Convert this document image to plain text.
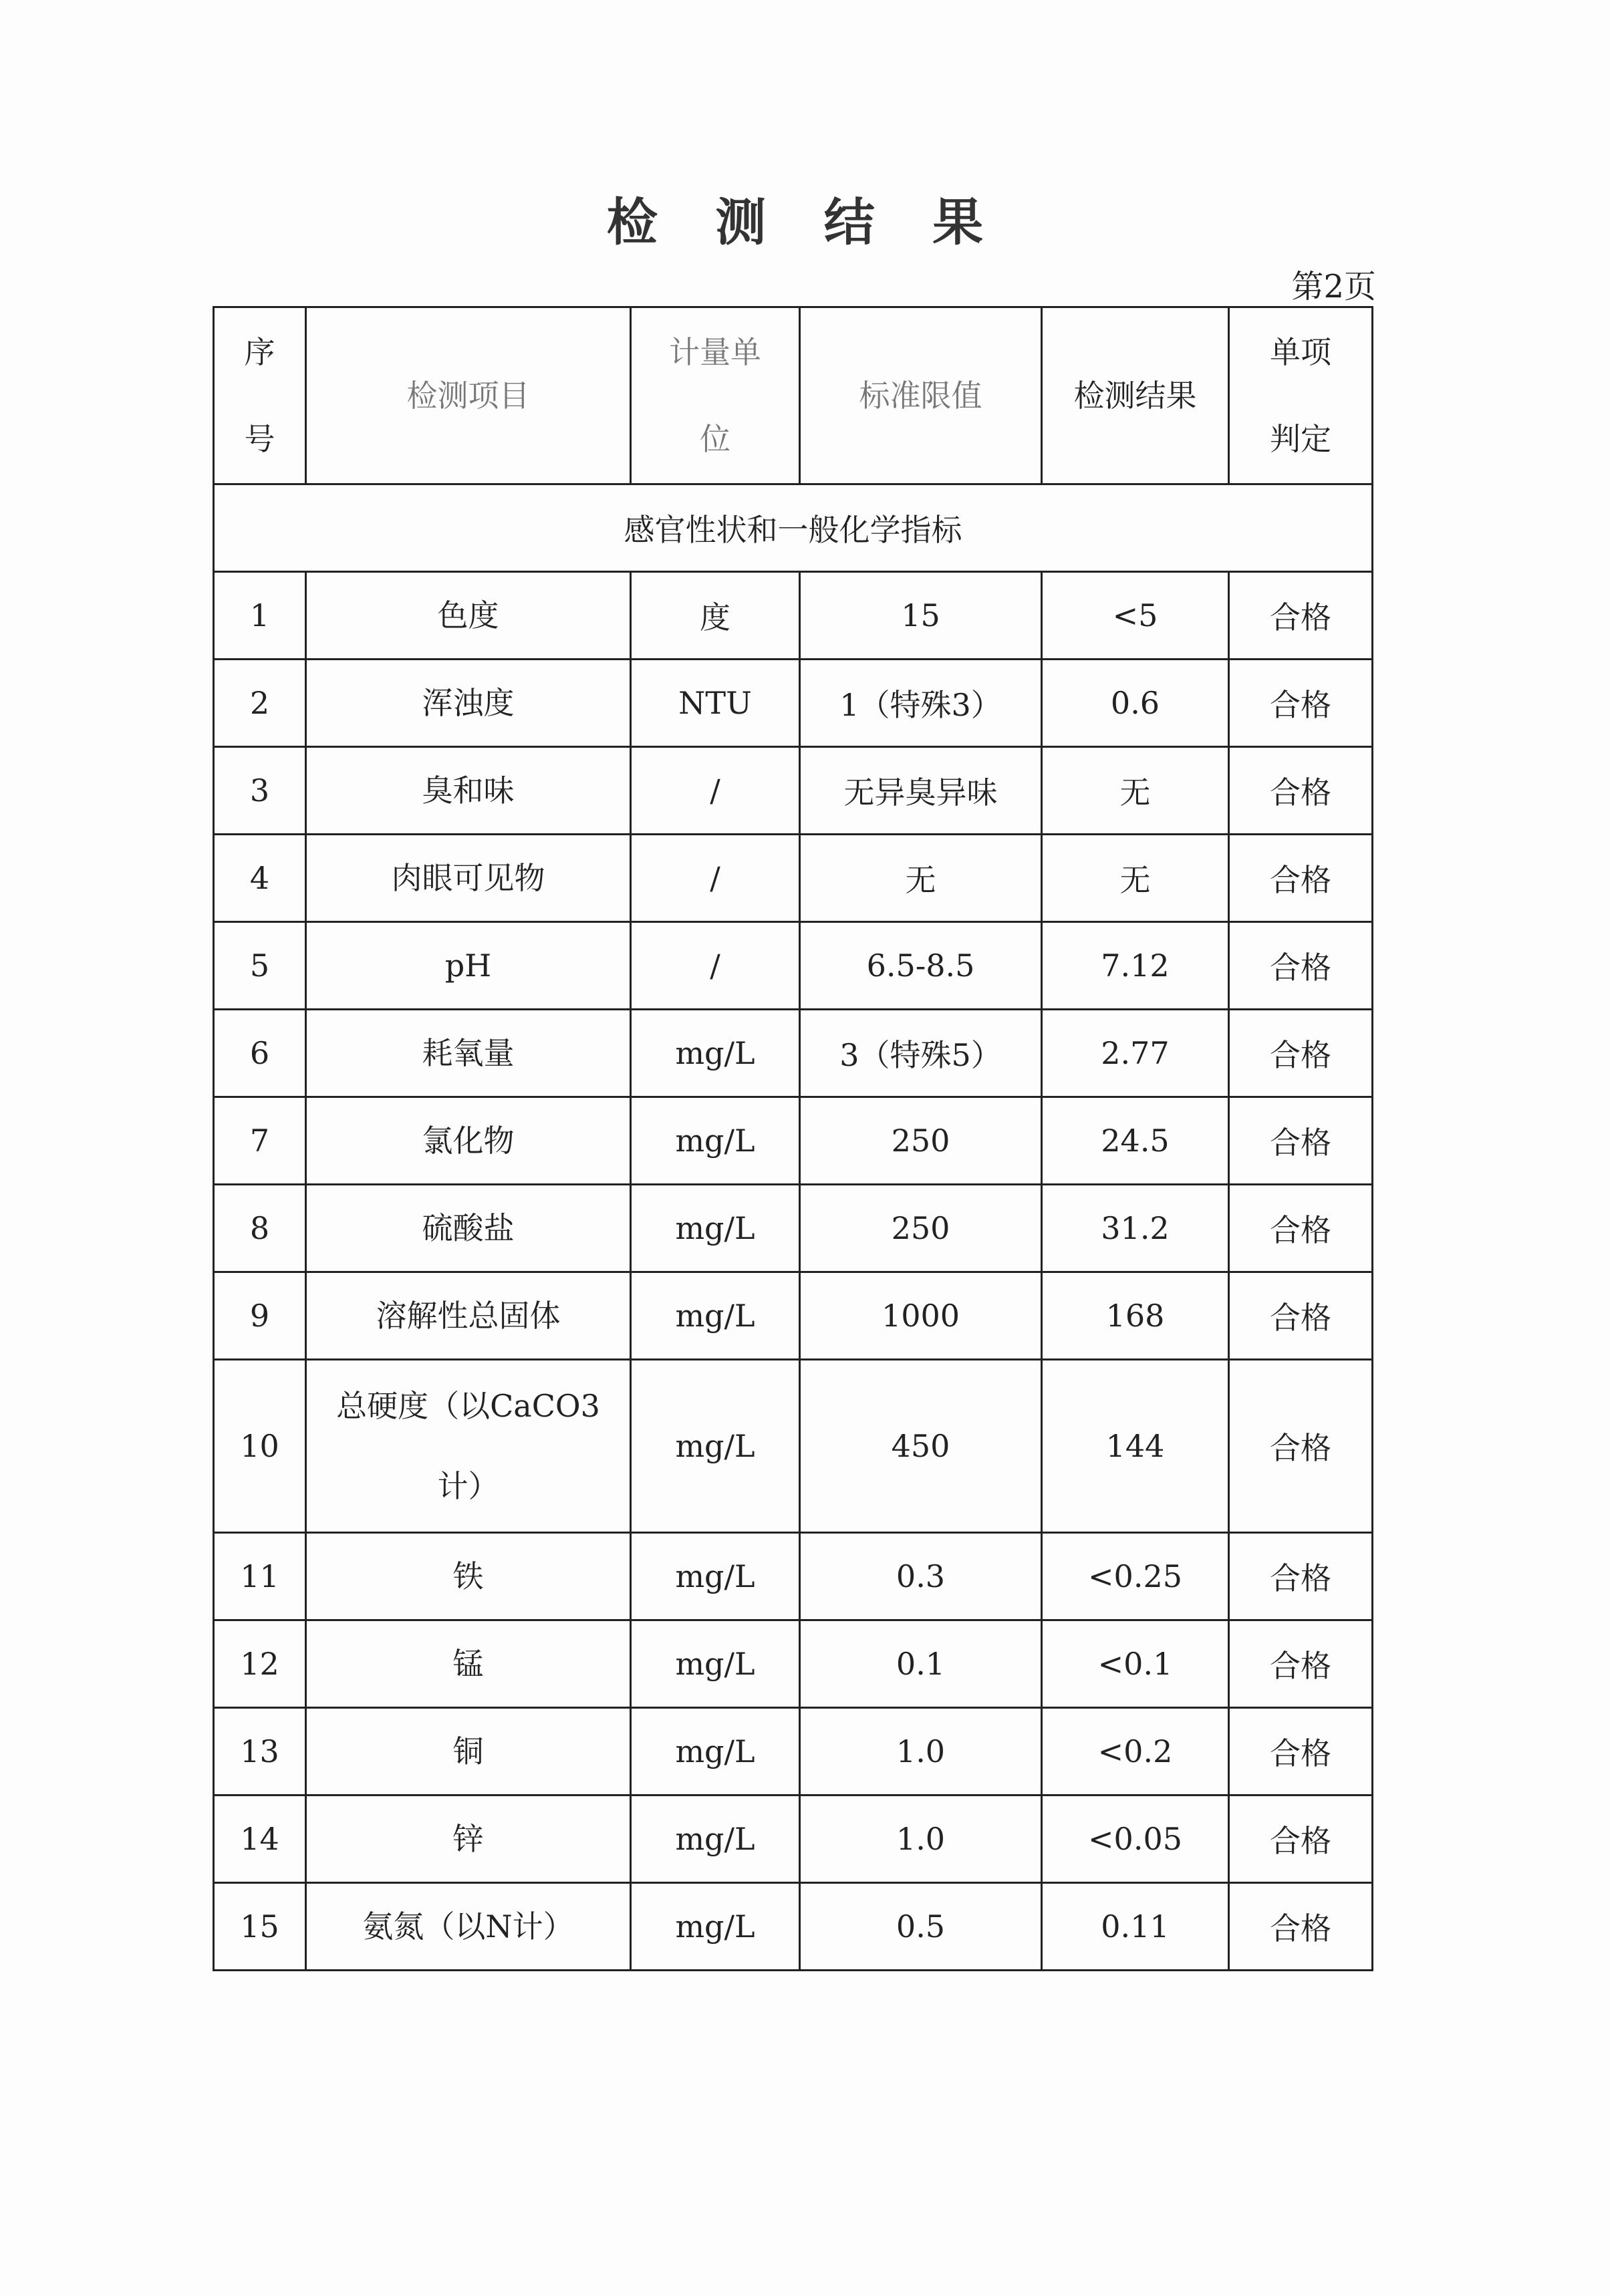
检 测 结 果
第2页
序号	检测项目	计量单位	标准限值	检测结果	单项判定
感官性状和一般化学指标					
1	色度	度	15	<5	合格
2	浑浊度	NTU	1（特殊3）	0.6	合格
3	臭和味	/	无异臭异味	无	合格
4	肉眼可见物	/	无	无	合格
5	pH	/	6.5-8.5	7.12	合格
6	耗氧量	mg/L	3（特殊5）	2.77	合格
7	氯化物	mg/L	250	24.5	合格
8	硫酸盐	mg/L	250	31.2	合格
9	溶解性总固体	mg/L	1000	168	合格
10	总硬度（以CaCO3计）	mg/L	450	144	合格
11	铁	mg/L	0.3	<0.25	合格
12	锰	mg/L	0.1	<0.1	合格
13	铜	mg/L	1.0	<0.2	合格
14	锌	mg/L	1.0	<0.05	合格
15	氨氮（以N计）	mg/L	0.5	0.11	合格
